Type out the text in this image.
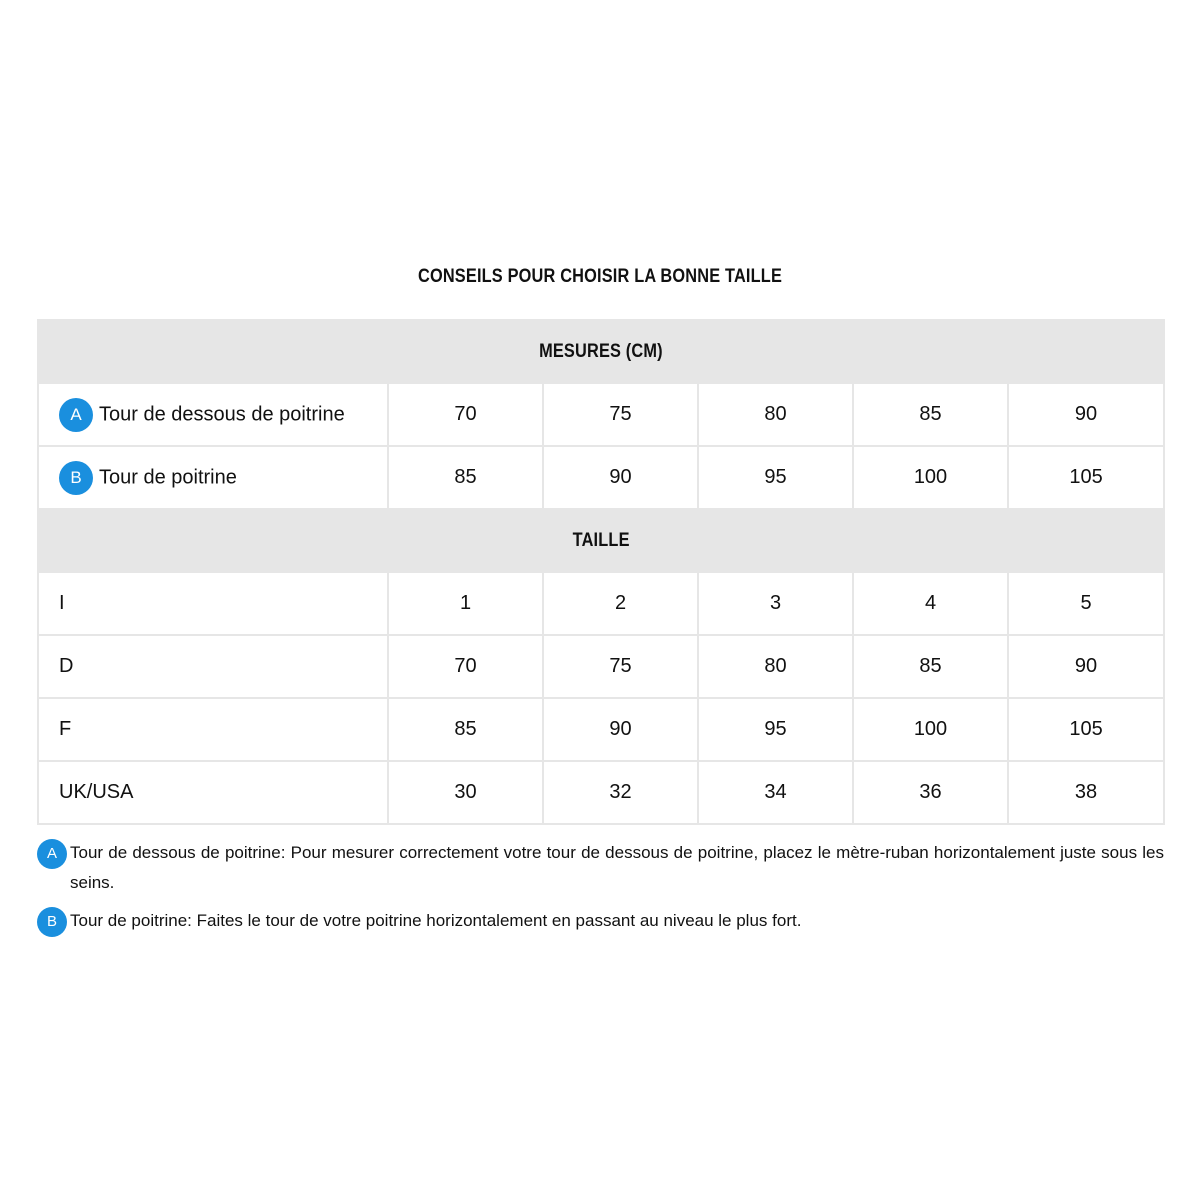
CONSEILS POUR CHOISIR LA BONNE TAILLE
MESURES (CM)					
A Tour de dessous de poitrine	70	75	80	85	90
B Tour de poitrine	85	90	95	100	105
TAILLE					
I	1	2	3	4	5
D	70	75	80	85	90
F	85	90	95	100	105
UK/USA	30	32	34	36	38
A Tour de dessous de poitrine: Pour mesurer correctement votre tour de dessous de poitrine, placez le mètre-ruban horizontalement juste sous les seins.
B Tour de poitrine: Faites le tour de votre poitrine horizontalement en passant au niveau le plus fort.
